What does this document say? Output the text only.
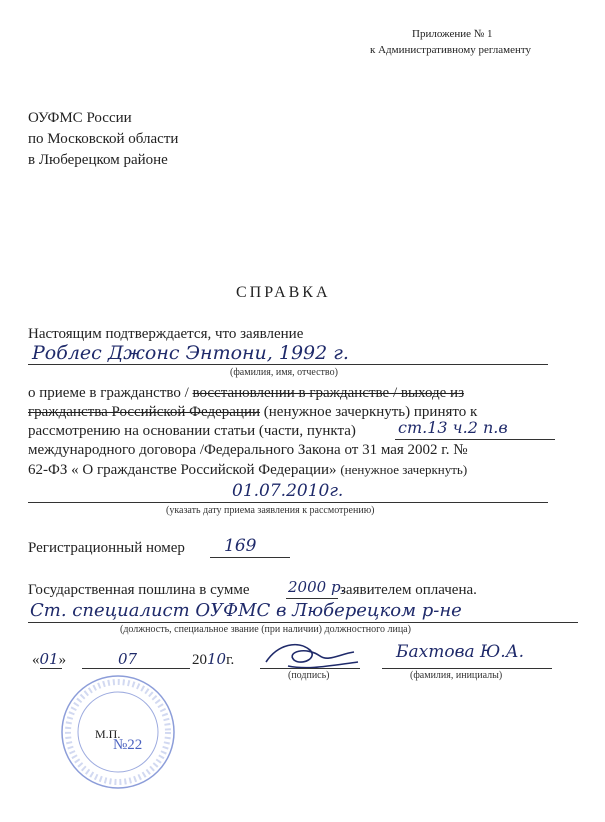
Приложение № 1
к Административному регламенту
ОУФМС России
по Московской области
в Люберецком районе
СПРАВКА
Настоящим подтверждается, что заявление
Роблес Джонс Энтони, 1992 г.
(фамилия, имя, отчество)
о приеме в гражданство / восстановлении в гражданстве / выходе из
гражданства Российской Федерации (ненужное зачеркнуть) принято к
рассмотрению на основании статьи (части, пункта)	ст.13 ч.2 п.в
международного договора /Федерального Закона от 31 мая 2002 г. №
62-ФЗ « О гражданстве Российской Федерации» (ненужное зачеркнуть)
01.07.2010г.
(указать дату приема заявления к рассмотрению)
Регистрационный номер 169
Государственная пошлина в сумме	2000 р.
заявителем оплачена.
Ст. специалист ОУФМС в Люберецком р-не
(должность, специальное звание (при наличии) должностного лица)
«01»	07	2010г.
(подпись)
Бахтова Ю.А.
(фамилия, инициалы)
М.П.
№22
